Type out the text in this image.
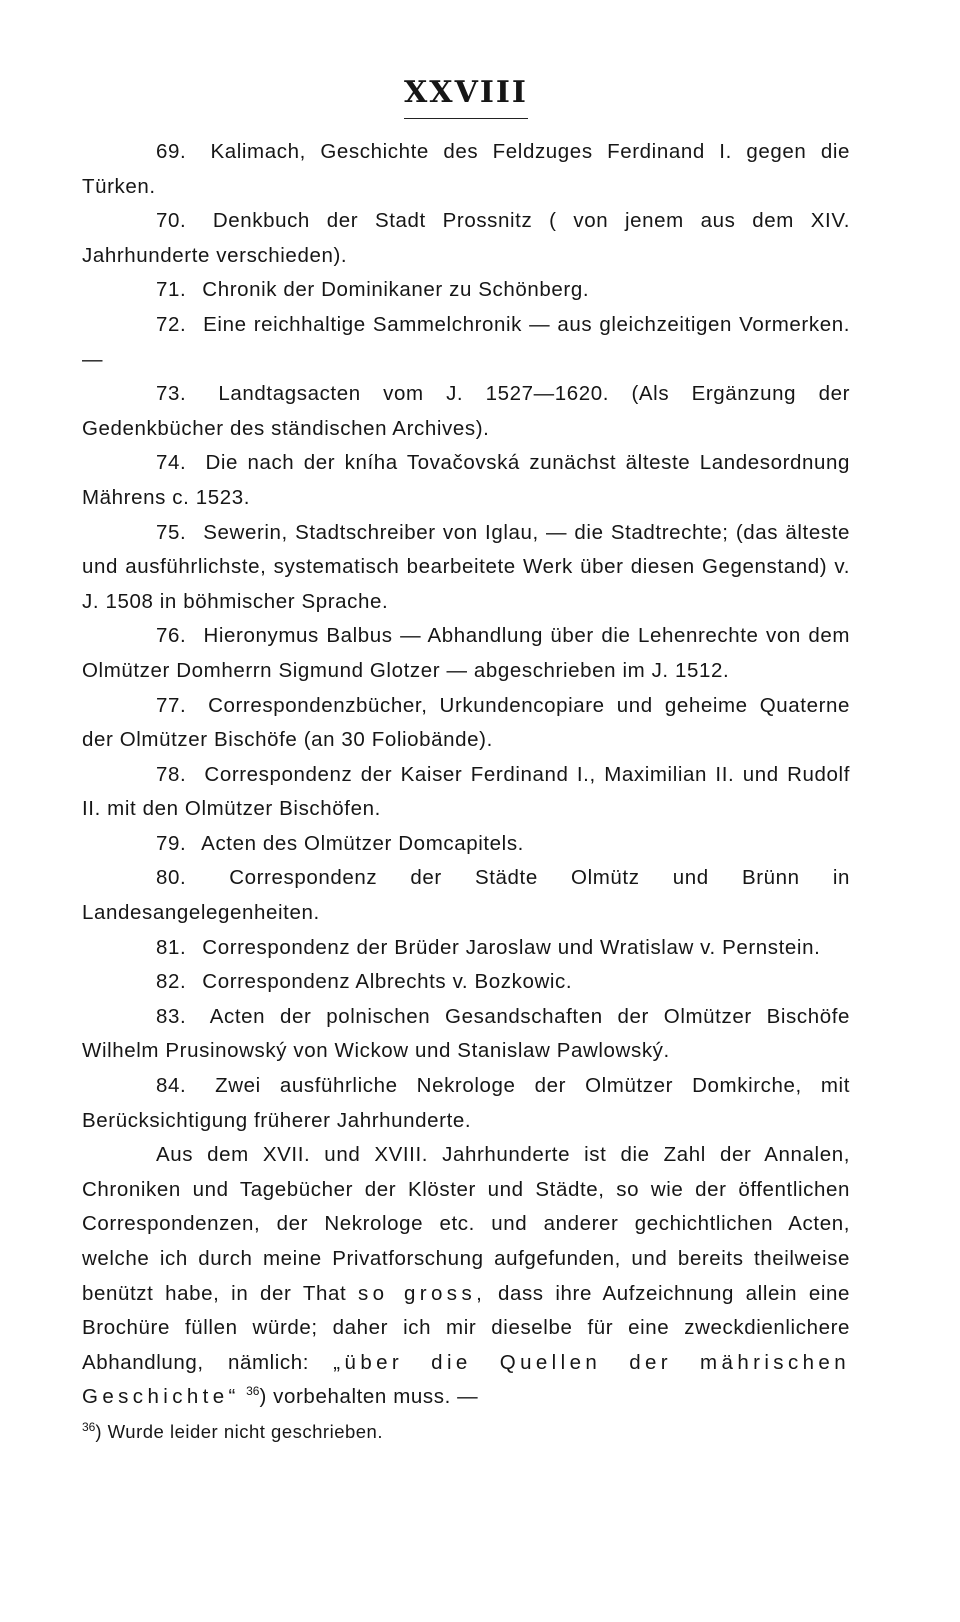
XXVIII

69. Kalimach, Geschichte des Feldzuges Ferdinand I. gegen die Türken.

70. Denkbuch der Stadt Prossnitz ( von jenem aus dem XIV. Jahrhunderte verschieden).

71. Chronik der Dominikaner zu Schönberg.

72. Eine reichhaltige Sammelchronik — aus gleichzeitigen Vormerken. —

73. Landtagsacten vom J. 1527—1620. (Als Ergänzung der Gedenkbücher des ständischen Archives).

74. Die nach der kníha Tovačovská zunächst älteste Landesordnung Mährens c. 1523.

75. Sewerin, Stadtschreiber von Iglau, — die Stadtrechte; (das älteste und ausführlichste, systematisch bearbeitete Werk über diesen Gegenstand) v. J. 1508 in böhmischer Sprache.

76. Hieronymus Balbus — Abhandlung über die Lehenrechte von dem Olmützer Domherrn Sigmund Glotzer — abgeschrieben im J. 1512.

77. Correspondenzbücher, Urkundencopiare und geheime Quaterne der Olmützer Bischöfe (an 30 Foliobände).

78. Correspondenz der Kaiser Ferdinand I., Maximilian II. und Rudolf II. mit den Olmützer Bischöfen.

79. Acten des Olmützer Domcapitels.

80. Correspondenz der Städte Olmütz und Brünn in Landesangelegenheiten.

81. Correspondenz der Brüder Jaroslaw und Wratislaw v. Pernstein.

82. Correspondenz Albrechts v. Bozkowic.

83. Acten der polnischen Gesandschaften der Olmützer Bischöfe Wilhelm Prusinowský von Wickow und Stanislaw Pawlowský.

84. Zwei ausführliche Nekrologe der Olmützer Domkirche, mit Berücksichtigung früherer Jahrhunderte.

Aus dem XVII. und XVIII. Jahrhunderte ist die Zahl der Annalen, Chroniken und Tagebücher der Klöster und Städte, so wie der öffentlichen Correspondenzen, der Nekrologe etc. und anderer gechichtlichen Acten, welche ich durch meine Privatforschung aufgefunden, und bereits theilweise benützt habe, in der That so gross, dass ihre Aufzeichnung allein eine Brochüre füllen würde; daher ich mir dieselbe für eine zweckdienlichere Abhandlung, nämlich: „über die Quellen der mährischen Geschichte“ $^{36}$) vorbehalten muss. —

$^{36}$) Wurde leider nicht geschrieben.
